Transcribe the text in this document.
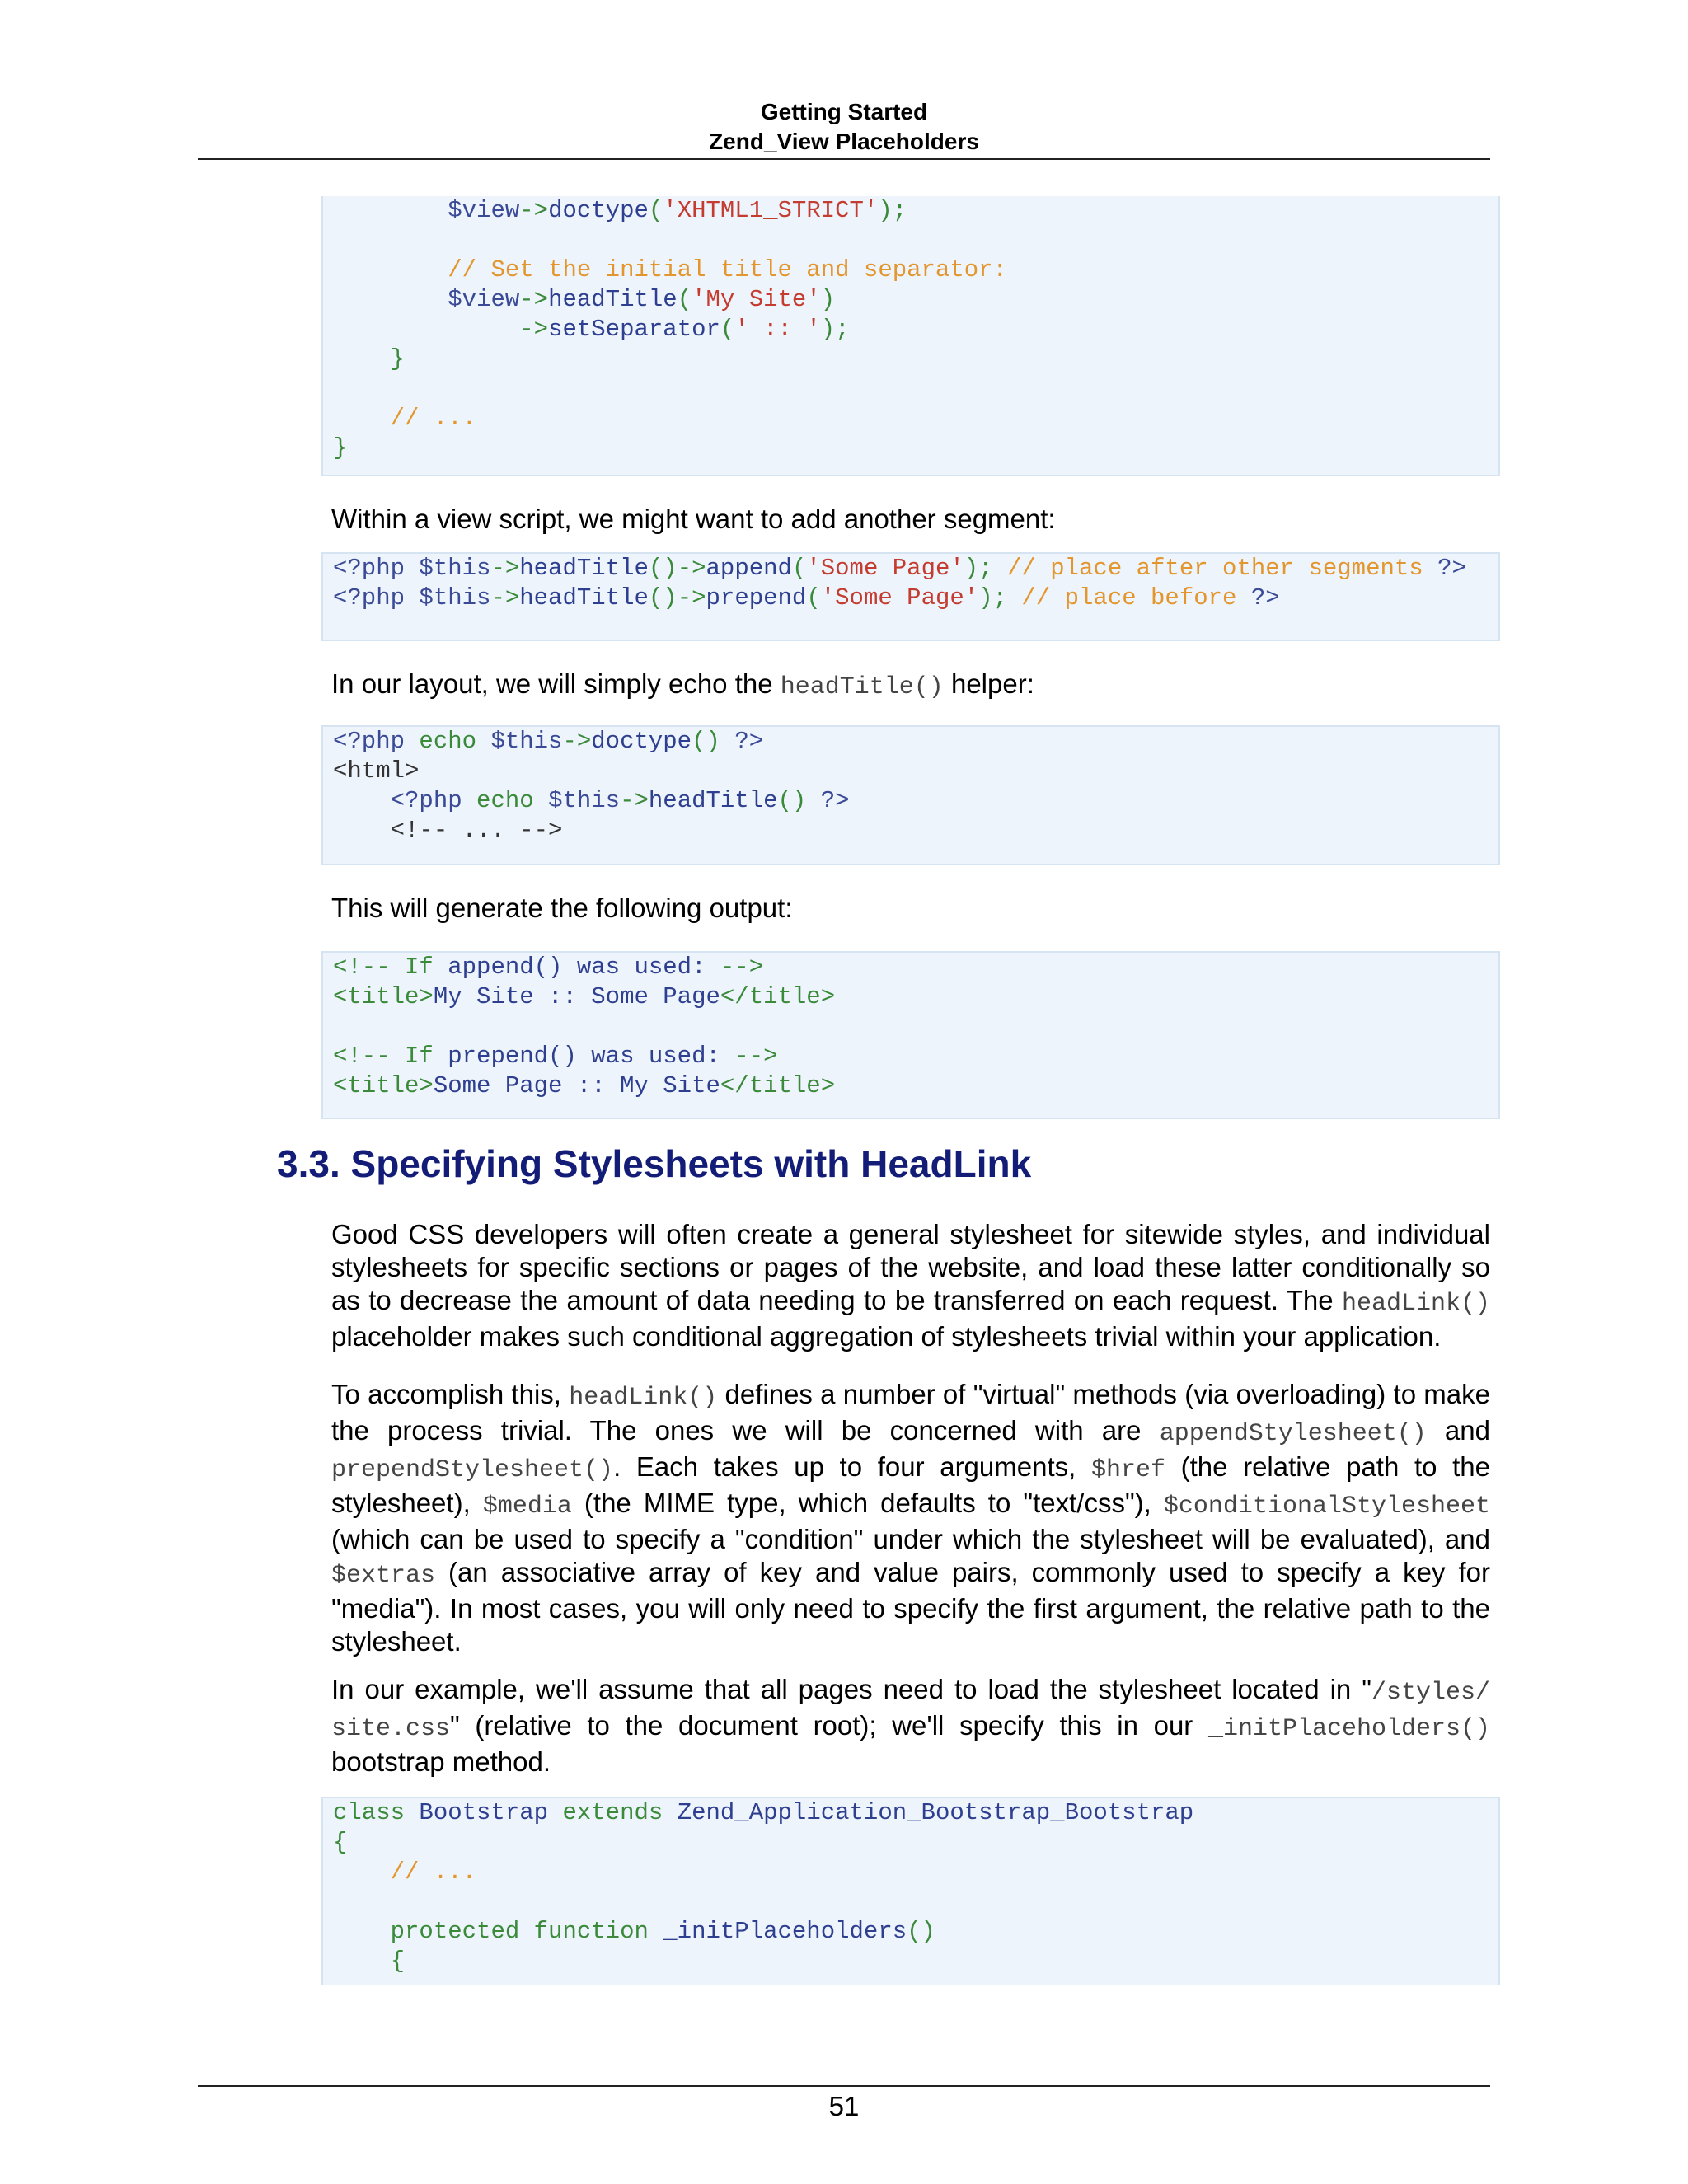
Getting Started
Zend_View Placeholders
$view->doctype('XHTML1_STRICT');
// Set the initial title and separator:
$view->headTitle('My Site')
->setSeparator(' :: ');
}
// ...
}
Within a view script, we might want to add another segment:
<?php $this->headTitle()->append('Some Page'); // place after other segments ?>
<?php $this->headTitle()->prepend('Some Page'); // place before ?>
In our layout, we will simply echo the headTitle() helper:
<?php echo $this->doctype() ?>
<html>
<?php echo $this->headTitle() ?>
<!-- ... -->
This will generate the following output:
<!-- If append() was used: -->
<title>My Site :: Some Page</title>
<!-- If prepend() was used: -->
<title>Some Page :: My Site</title>
3.3. Specifying Stylesheets with HeadLink
Good CSS developers will often create a general stylesheet for sitewide styles, and individual stylesheets for specific sections or pages of the website, and load these latter conditionally so as to decrease the amount of data needing to be transferred on each request. The headLink() placeholder makes such conditional aggregation of stylesheets trivial within your application.
To accomplish this, headLink() defines a number of "virtual" methods (via overloading) to make the process trivial. The ones we will be concerned with are appendStylesheet() and prependStylesheet(). Each takes up to four arguments, $href (the relative path to the stylesheet), $media (the MIME type, which defaults to "text/css"), $conditionalStylesheet (which can be used to specify a "condition" under which the stylesheet will be evaluated), and $extras (an associative array of key and value pairs, commonly used to specify a key for "media"). In most cases, you will only need to specify the first argument, the relative path to the stylesheet.
In our example, we'll assume that all pages need to load the stylesheet located in "/styles/ site.css" (relative to the document root); we'll specify this in our _initPlaceholders() bootstrap method.
class Bootstrap extends Zend_Application_Bootstrap_Bootstrap
{
// ...
protected function _initPlaceholders()
{
51
